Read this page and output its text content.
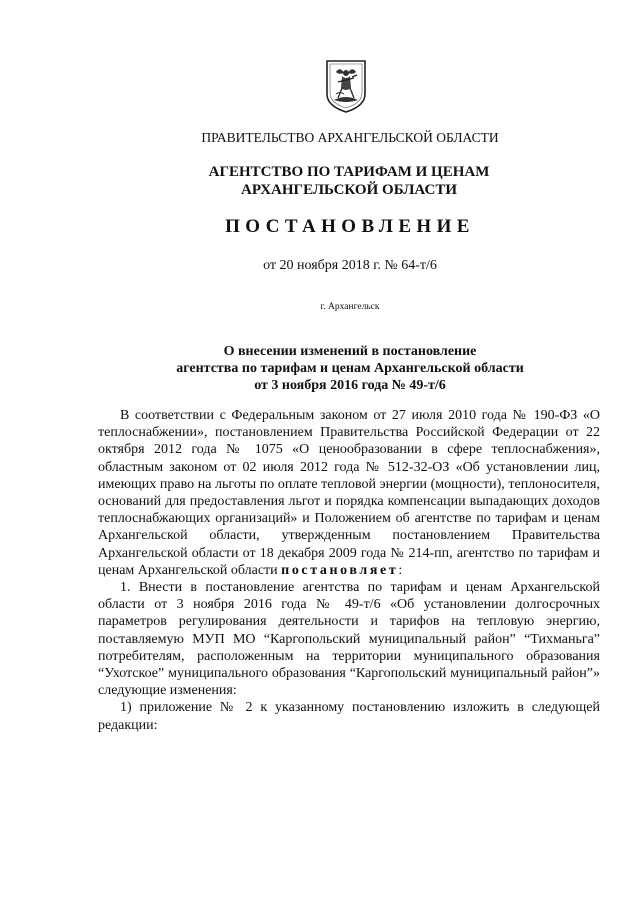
ПРАВИТЕЛЬСТВО АРХАНГЕЛЬСКОЙ ОБЛАСТИ
АГЕНТСТВО ПО ТАРИФАМ И ЦЕНАМ
АРХАНГЕЛЬСКОЙ ОБЛАСТИ
ПОСТАНОВЛЕНИЕ
от 20 ноября 2018 г. № 64-т/6
г. Архангельск
О внесении изменений в постановление
агентства по тарифам и ценам Архангельской области
от 3 ноября 2016 года № 49-т/6

В соответствии с Федеральным законом от 27 июля 2010 года № 190-ФЗ «О теплоснабжении», постановлением Правительства Российской Федерации от 22 октября 2012 года № 1075 «О ценообразовании в сфере теплоснабжения», областным законом от 02 июля 2012 года № 512-32-ОЗ «Об установлении лиц, имеющих право на льготы по оплате тепловой энергии (мощности), теплоносителя, оснований для предоставления льгот и порядка компенсации выпадающих доходов теплоснабжающих организаций» и Положением об агентстве по тарифам и ценам Архангельской области, утвержденным постановлением Правительства Архангельской области от 18 декабря 2009 года № 214-пп, агентство по тарифам и ценам Архангельской области постановляет:

1. Внести в постановление агентства по тарифам и ценам Архангельской области от 3 ноября 2016 года № 49-т/6 «Об установлении долгосрочных параметров регулирования деятельности и тарифов на тепловую энергию, поставляемую МУП МО “Каргопольский муниципальный район” “Тихманьга” потребителям, расположенным на территории муниципального образования “Ухотское” муниципального образования “Каргопольский муниципальный район”» следующие изменения:

1) приложение № 2 к указанному постановлению изложить в следующей редакции:
